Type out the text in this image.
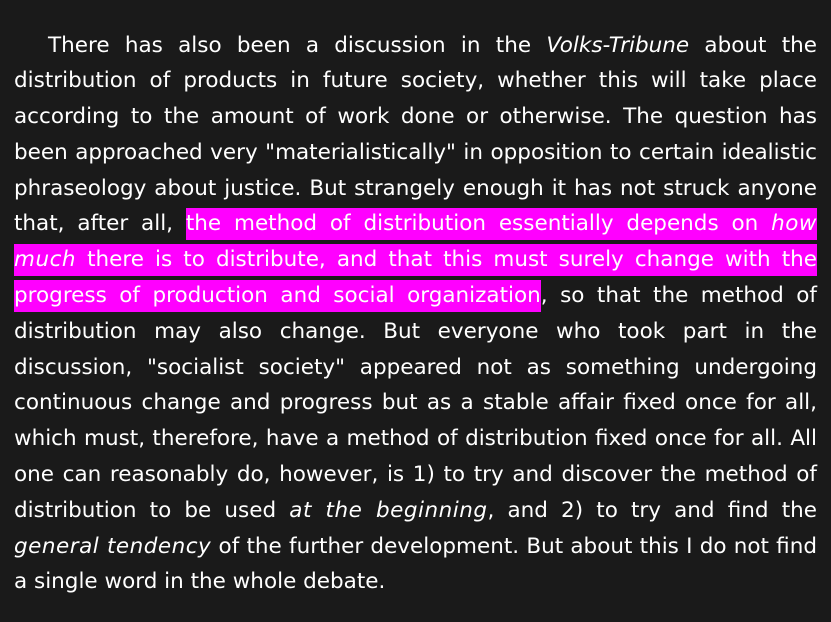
There has also been a discussion in the Volks-Tribune about the distribution of products in future society, whether this will take place according to the amount of work done or otherwise. The question has been approached very "materialistically" in opposition to certain idealistic phraseology about justice. But strangely enough it has not struck anyone that, after all, the method of distribution essentially depends on how much there is to distribute, and that this must surely change with the progress of production and social organization, so that the method of distribution may also change. But everyone who took part in the discussion, "socialist society" appeared not as something undergoing continuous change and progress but as a stable affair fixed once for all, which must, therefore, have a method of distribution fixed once for all. All one can reasonably do, however, is 1) to try and discover the method of distribution to be used at the beginning, and 2) to try and find the general tendency of the further development. But about this I do not find a single word in the whole debate.
